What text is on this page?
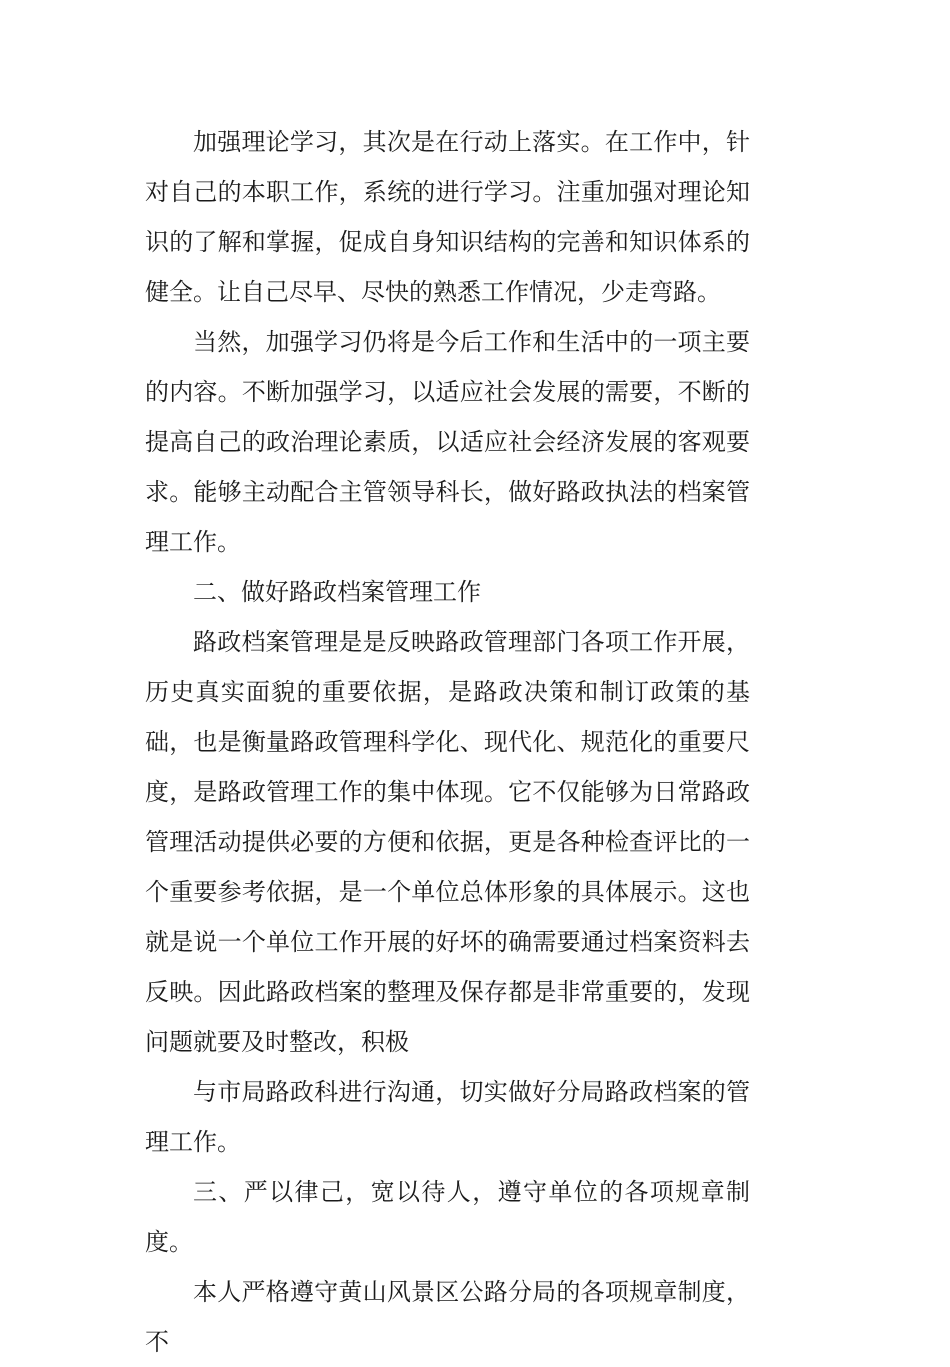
加强理论学习，其次是在行动上落实。在工作中，针对自己的本职工作，系统的进行学习。注重加强对理论知识的了解和掌握，促成自身知识结构的完善和知识体系的健全。让自己尽早、尽快的熟悉工作情况，少走弯路。

当然，加强学习仍将是今后工作和生活中的一项主要的内容。不断加强学习，以适应社会发展的需要，不断的提高自己的政治理论素质，以适应社会经济发展的客观要求。能够主动配合主管领导科长，做好路政执法的档案管理工作。

二、做好路政档案管理工作

路政档案管理是是反映路政管理部门各项工作开展，历史真实面貌的重要依据，是路政决策和制订政策的基础，也是衡量路政管理科学化、现代化、规范化的重要尺度，是路政管理工作的集中体现。它不仅能够为日常路政管理活动提供必要的方便和依据，更是各种检查评比的一个重要参考依据，是一个单位总体形象的具体展示。这也就是说一个单位工作开展的好坏的确需要通过档案资料去反映。因此路政档案的整理及保存都是非常重要的，发现问题就要及时整改，积极

与市局路政科进行沟通，切实做好分局路政档案的管理工作。

三、严以律己，宽以待人，遵守单位的各项规章制度。

本人严格遵守黄山风景区公路分局的各项规章制度，不
